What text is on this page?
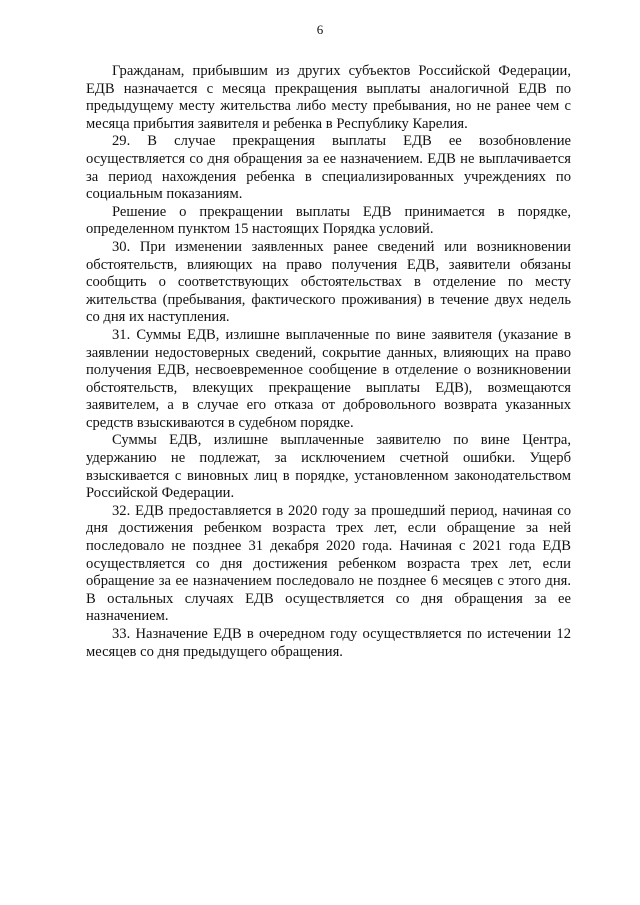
6

Гражданам, прибывшим из других субъектов Российской Федерации, ЕДВ назначается с месяца прекращения выплаты аналогичной ЕДВ по предыдущему месту жительства либо месту пребывания, но не ранее чем с месяца прибытия заявителя и ребенка в Республику Карелия.

29. В случае прекращения выплаты ЕДВ ее возобновление осуществляется со дня обращения за ее назначением. ЕДВ не выплачивается за период нахождения ребенка в специализированных учреждениях по социальным показаниям.

Решение о прекращении выплаты ЕДВ принимается в порядке, определенном пунктом 15 настоящих Порядка условий.

30. При изменении заявленных ранее сведений или возникновении обстоятельств, влияющих на право получения ЕДВ, заявители обязаны сообщить о соответствующих обстоятельствах в отделение по месту жительства (пребывания, фактического проживания) в течение двух недель со дня их наступления.

31. Суммы ЕДВ, излишне выплаченные по вине заявителя (указание в заявлении недостоверных сведений, сокрытие данных, влияющих на право получения ЕДВ, несвоевременное сообщение в отделение о возникновении обстоятельств, влекущих прекращение выплаты ЕДВ), возмещаются заявителем, а в случае его отказа от добровольного возврата указанных средств взыскиваются в судебном порядке.

Суммы ЕДВ, излишне выплаченные заявителю по вине Центра, удержанию не подлежат, за исключением счетной ошибки. Ущерб взыскивается с виновных лиц в порядке, установленном законодательством Российской Федерации.

32. ЕДВ предоставляется в 2020 году за прошедший период, начиная со дня достижения ребенком возраста трех лет, если обращение за ней последовало не позднее 31 декабря 2020 года. Начиная с 2021 года ЕДВ осуществляется со дня достижения ребенком возраста трех лет, если обращение за ее назначением последовало не позднее 6 месяцев с этого дня. В остальных случаях ЕДВ осуществляется со дня обращения за ее назначением.

33. Назначение ЕДВ в очередном году осуществляется по истечении 12 месяцев со дня предыдущего обращения.
